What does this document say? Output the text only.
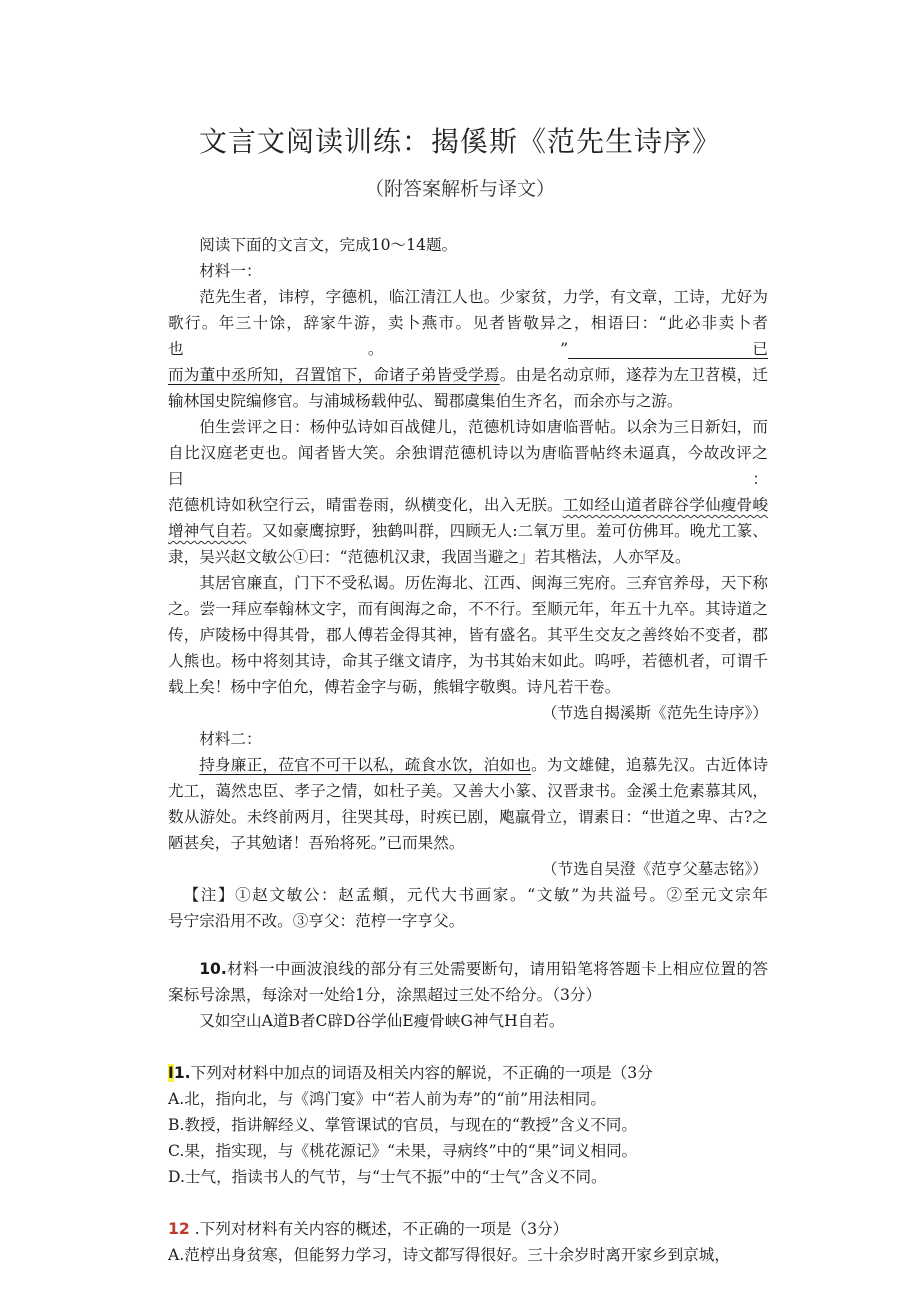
文言文阅读训练：揭傒斯《范先生诗序》
（附答案解析与译文）

阅读下面的文言文，完成10〜14题。

材料一：

范先生者，讳梈，字德机，临江清江人也。少家贫，力学，有文章，工诗，尤好为

歌行。年三十馀，辞家牛游，卖卜燕市。见者皆敬异之，相语曰：“此必非卖卜者也。”已

而为董中丞所知，召置馆下，命诸子弟皆受学焉。由是名动京师，遂荐为左卫苕模，迁

输林国史院编修官。与浦城杨载仲弘、蜀郡虞集伯生齐名，而余亦与之游。

伯生尝评之日：杨仲弘诗如百战健儿，范德机诗如唐临晋帖。以余为三日新妇，而

自比汉庭老吏也。闻者皆大笑。余独谓范德机诗以为唐临晋帖终未逼真，今故改评之曰：

范德机诗如秋空行云，晴雷卷雨，纵横变化，出入无朕。工如经山道者辟谷学仙瘦骨峻

增神气自若。又如豪鹰掠野，独鹤叫群，四顾无人:二氧万里。羞可仿佛耳。晚尤工篆、

隶，吴兴赵文敏公①曰：“范德机汉隶，我固当避之」若其楷法，人亦罕及。

其居官廉直，门下不受私谒。历佐海北、江西、闽海三宪府。三弃官养母，天下称

之。尝一拜应奉翰林文字，而有闽海之命，不不行。至顺元年，年五十九卒。其诗道之

传，庐陵杨中得其骨，郡人傅若金得其神，皆有盛名。其平生交友之善终始不变者，郡

人熊也。杨中将刻其诗，命其子继文请序，为书其始末如此。呜呼，若德机者，可谓千

载上矣！杨中字伯允，傅若金字与砺，熊辑字敬舆。诗凡若干卷。

（节选自揭溪斯《范先生诗序》）

材料二：

持身廉正，莅官不可干以私，疏食水饮，泊如也。为文雄健，追慕先汉。古近体诗

尤工，蔼然忠臣、孝子之情，如杜子美。又善大小篆、汉晋隶书。金溪土危素慕其风，

数从游处。未终前两月，往哭其母，时疾已剧，飑羸骨立，谓素日：“世道之卑、古?之

陋甚矣，子其勉诸！吾殆将死。”已而果然。

（节选自吴澄《范亨父墓志铭》）

【注】①赵文敏公：赵孟頫，元代大书画家。“文敏”为共溢号。②至元文宗年

号宁宗沿用不改。③亨父：范梈一字亨父。

10.材料一中画波浪线的部分有三处需要断句，请用铅笔将答题卡上相应位置的答

案标号涂黑，每涂对一处给1分，涂黑超过三处不给分。（3分）

又如空山A道B者C辟D谷学仙E瘦骨峡G神气H自若。

I1.下列对材料中加点的词语及相关内容的解说，不正确的一项是（3分

A.北，指向北，与《鸿门宴》中“若人前为寿”的“前”用法相同。

B.教授，指讲解经义、掌管课试的官员，与现在的“教授”含义不同。

C.果，指实现，与《桃花源记》“未果，寻病终”中的“果”词义相同。

D.士气，指读书人的气节，与“士气不振”中的“士气”含义不同。

12 .下列对材料有关内容的概述，不正确的一项是（3分）

A.范梈出身贫寒，但能努力学习，诗文都写得很好。三十余岁时离开家乡到京城，
